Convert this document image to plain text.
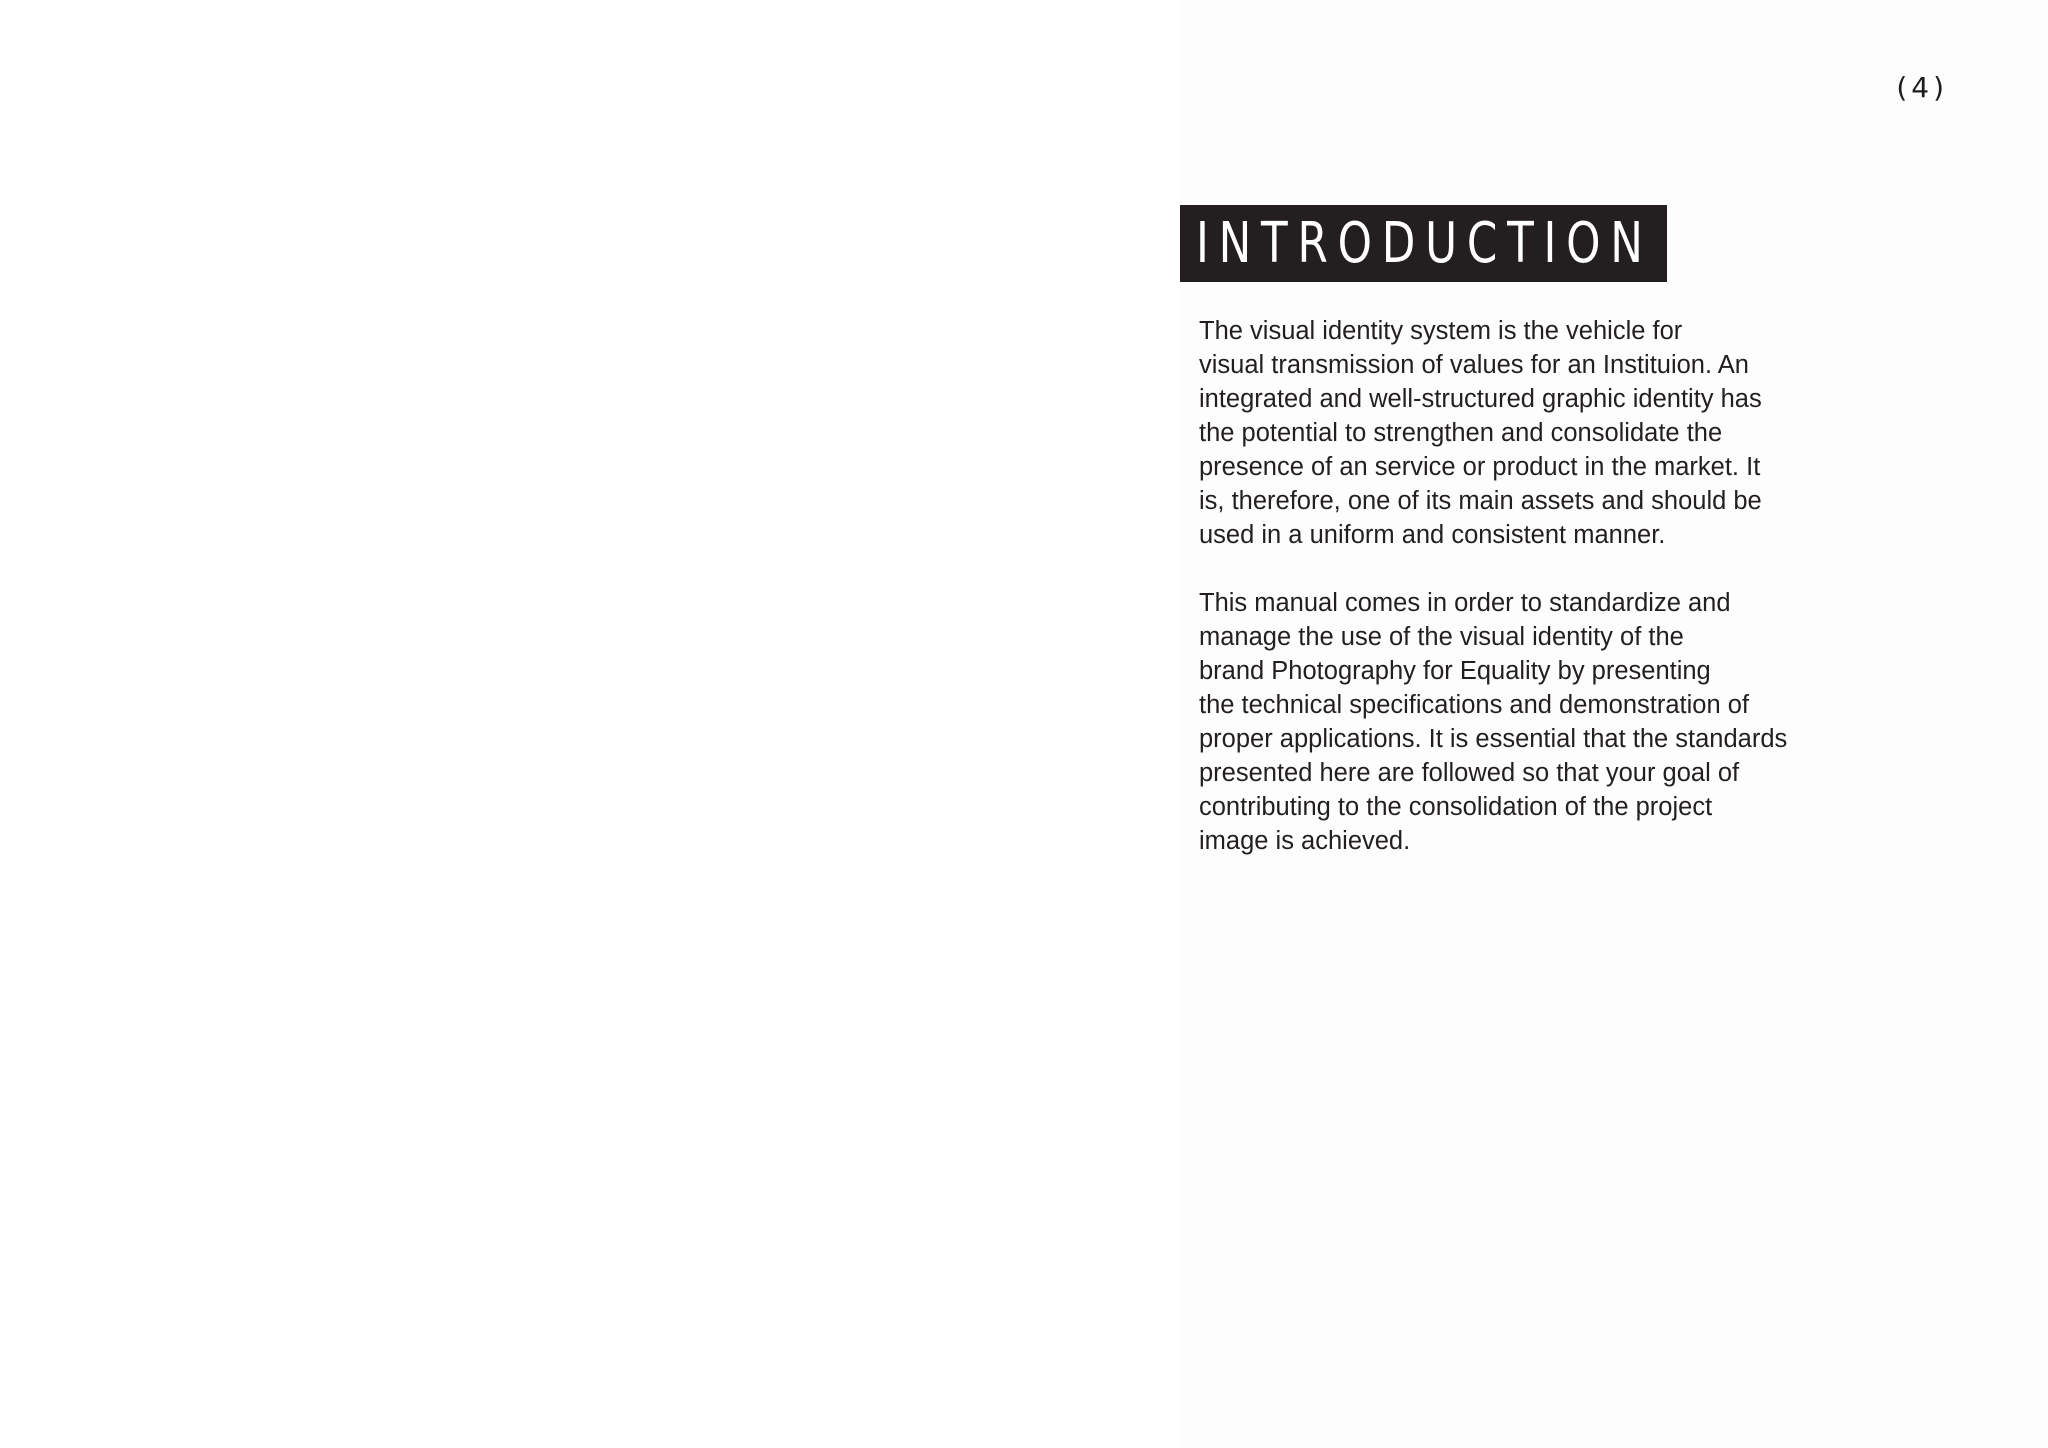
(4)
INTRODUCTION

The visual identity system is the vehicle for
visual transmission of values for an Instituion. An
integrated and well-structured graphic identity has
the potential to strengthen and consolidate the
presence of an service or product in the market. It
is, therefore, one of its main assets and should be
used in a uniform and consistent manner.

This manual comes in order to standardize and
manage the use of the visual identity of the
brand Photography for Equality by presenting
the technical specifications and demonstration of
proper applications. It is essential that the standards
presented here are followed so that your goal of
contributing to the consolidation of the project
image is achieved.
